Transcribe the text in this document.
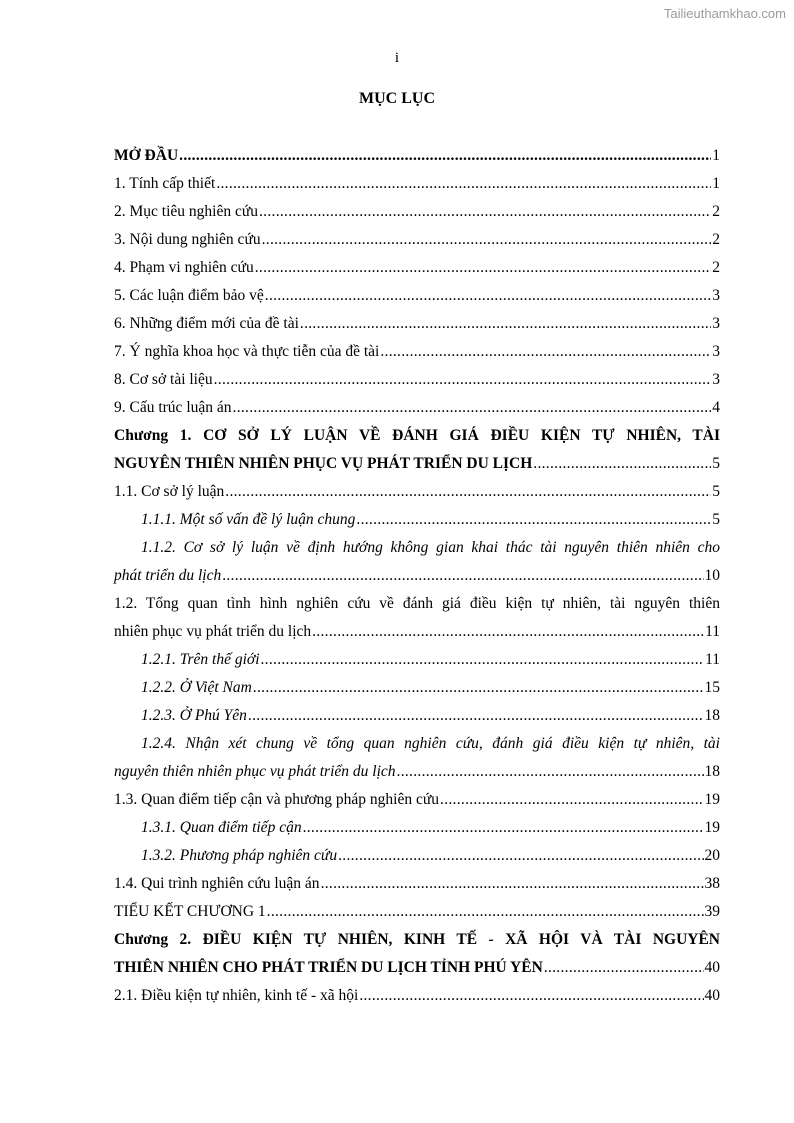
Tailieuthamkhao.com
i
MỤC LỤC
MỞ ĐẦU .....	1
1. Tính cấp thiết .....	1
2. Mục tiêu nghiên cứu .....	2
3. Nội dung nghiên cứu .....	2
4. Phạm vi nghiên cứu .....	2
5. Các luận điểm bảo vệ .....	3
6. Những điểm mới của đề tài .....	3
7. Ý nghĩa khoa học và thực tiễn của đề tài .....	3
8. Cơ sở tài liệu .....	3
9. Cấu trúc luận án .....	4
Chương 1. CƠ SỞ LÝ LUẬN VỀ ĐÁNH GIÁ ĐIỀU KIỆN TỰ NHIÊN, TÀI
NGUYÊN THIÊN NHIÊN PHỤC VỤ PHÁT TRIỂN DU LỊCH .....	5
1.1. Cơ sở lý luận .....	5
1.1.1. Một số vấn đề lý luận chung .....	5
1.1.2. Cơ sở lý luận về định hướng không gian khai thác tài nguyên thiên nhiên cho
phát triển du lịch .....	10
1.2. Tổng quan tình hình nghiên cứu về đánh giá điều kiện tự nhiên, tài nguyên thiên
nhiên phục vụ phát triển du lịch .....	11
1.2.1. Trên thế giới .....	11
1.2.2. Ở Việt Nam .....	15
1.2.3. Ở Phú Yên .....	18
1.2.4. Nhận xét chung về tổng quan nghiên cứu, đánh giá điều kiện tự nhiên, tài
nguyên thiên nhiên phục vụ phát triển du lịch .....	18
1.3. Quan điểm tiếp cận và phương pháp nghiên cứu .....	19
1.3.1. Quan điểm tiếp cận .....	19
1.3.2. Phương pháp nghiên cứu .....	20
1.4. Qui trình nghiên cứu luận án .....	38
TIỂU KẾT CHƯƠNG 1 .....	39
Chương 2. ĐIỀU KIỆN TỰ NHIÊN, KINH TẾ - XÃ HỘI VÀ TÀI NGUYÊN
THIÊN NHIÊN CHO PHÁT TRIỂN DU LỊCH TỈNH PHÚ YÊN .....	40
2.1. Điều kiện tự nhiên, kinh tế - xã hội .....	40
